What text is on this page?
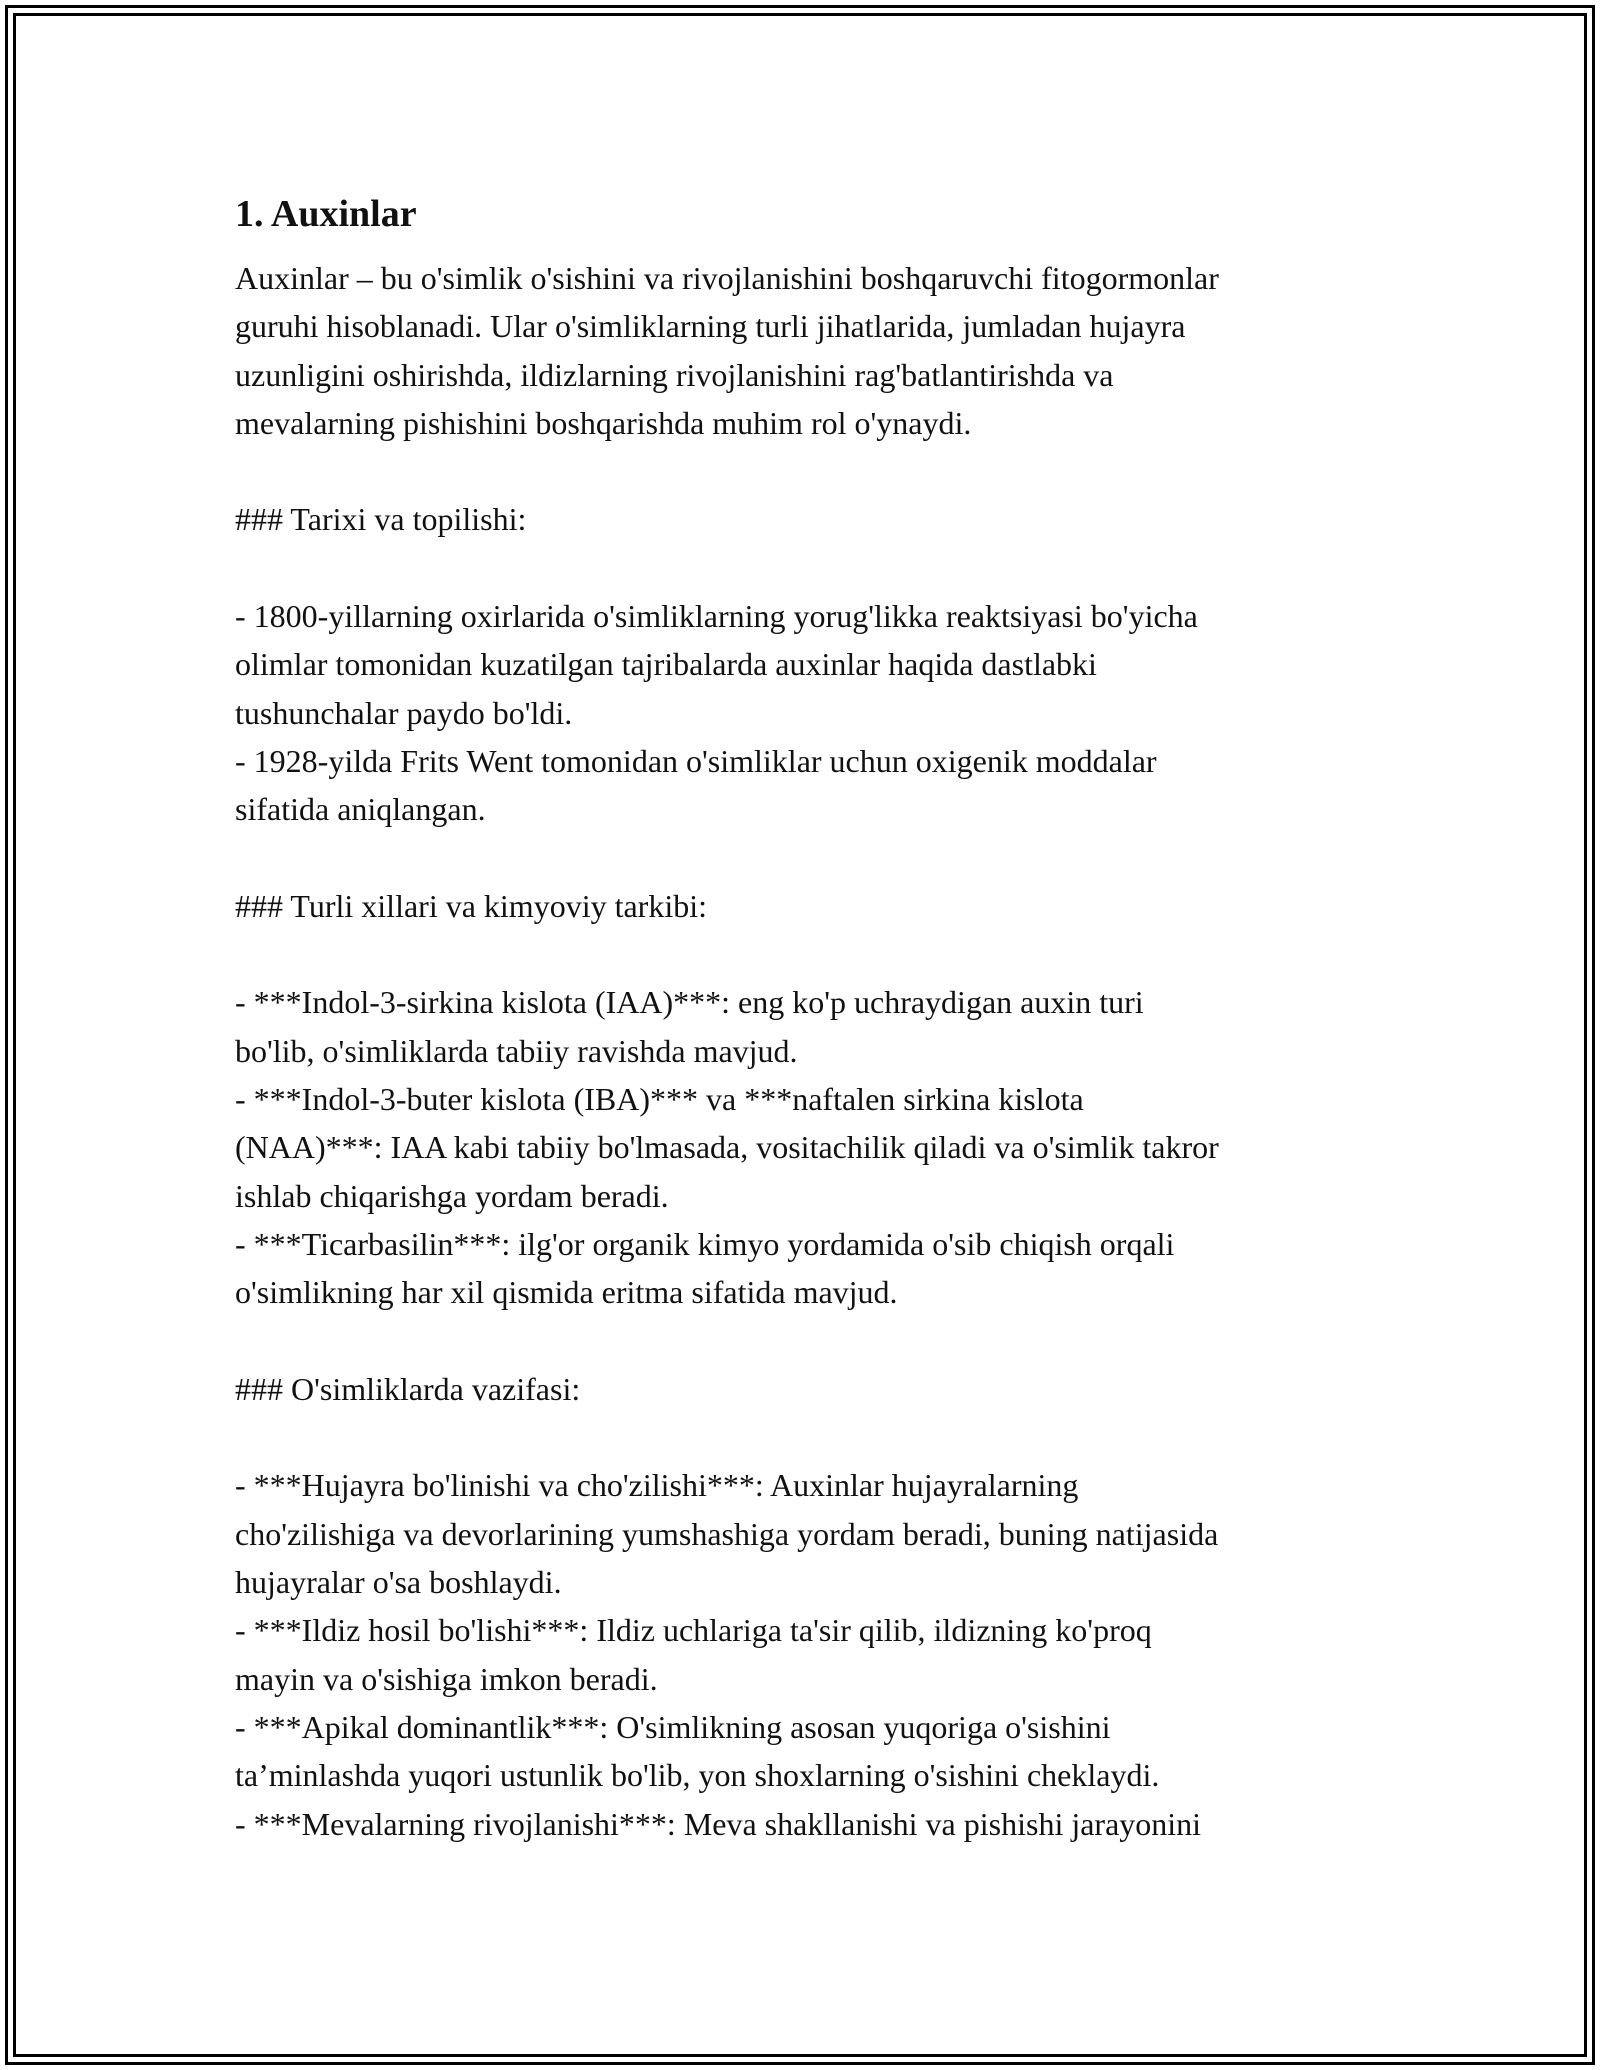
1. Auxinlar
Auxinlar – bu o'simlik o'sishini va rivojlanishini boshqaruvchi fitogormonlar
guruhi hisoblanadi. Ular o'simliklarning turli jihatlarida, jumladan hujayra
uzunligini oshirishda, ildizlarning rivojlanishini rag'batlantirishda va
mevalarning pishishini boshqarishda muhim rol o'ynaydi.
### Tarixi va topilishi:
- 1800-yillarning oxirlarida o'simliklarning yorug'likka reaktsiyasi bo'yicha
olimlar tomonidan kuzatilgan tajribalarda auxinlar haqida dastlabki
tushunchalar paydo bo'ldi.
- 1928-yilda Frits Went tomonidan o'simliklar uchun oxigenik moddalar
sifatida aniqlangan.
### Turli xillari va kimyoviy tarkibi:
- ***Indol-3-sirkina kislota (IAA)***: eng ko'p uchraydigan auxin turi
bo'lib, o'simliklarda tabiiy ravishda mavjud.
- ***Indol-3-buter kislota (IBA)*** va ***naftalen sirkina kislota
(NAA)***: IAA kabi tabiiy bo'lmasada, vositachilik qiladi va o'simlik takror
ishlab chiqarishga yordam beradi.
- ***Ticarbasilin***: ilg'or organik kimyo yordamida o'sib chiqish orqali
o'simlikning har xil qismida eritma sifatida mavjud.
### O'simliklarda vazifasi:
- ***Hujayra bo'linishi va cho'zilishi***: Auxinlar hujayralarning
cho'zilishiga va devorlarining yumshashiga yordam beradi, buning natijasida
hujayralar o'sa boshlaydi.
- ***Ildiz hosil bo'lishi***: Ildiz uchlariga ta'sir qilib, ildizning ko'proq
mayin va o'sishiga imkon beradi.
- ***Apikal dominantlik***: O'simlikning asosan yuqoriga o'sishini
ta’minlashda yuqori ustunlik bo'lib, yon shoxlarning o'sishini cheklaydi.
- ***Mevalarning rivojlanishi***: Meva shakllanishi va pishishi jarayonini
